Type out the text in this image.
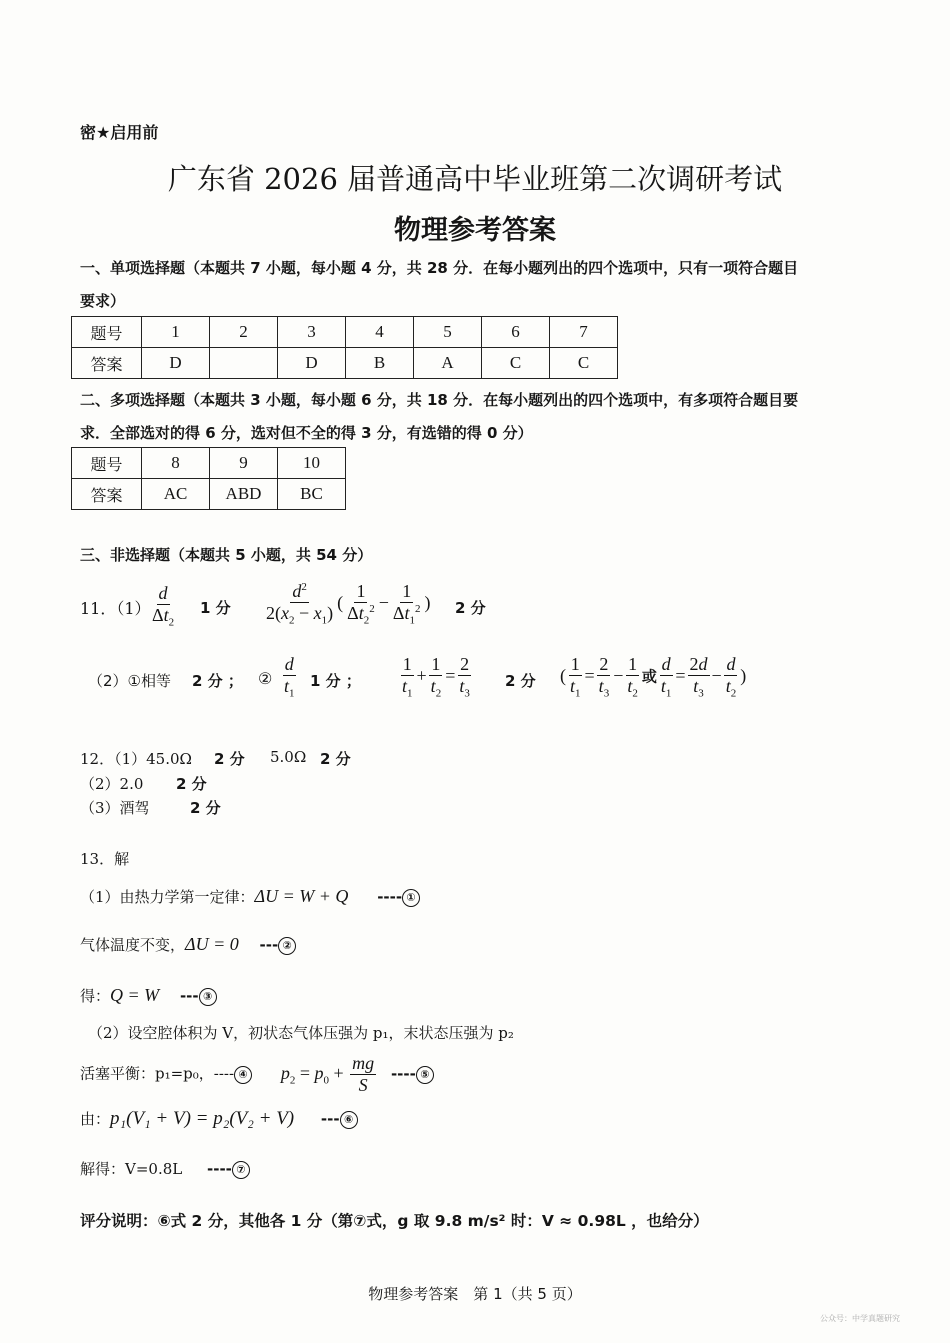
密★启用前
广东省 2026 届普通高中毕业班第二次调研考试
物理参考答案
一、单项选择题（本题共 7 小题，每小题 4 分，共 28 分．在每小题列出的四个选项中，只有一项符合题目
要求）
题号	1	2	3	4	5	6	7
答案	D		D	B	A	C	C
二、多项选择题（本题共 3 小题，每小题 6 分，共 18 分．在每小题列出的四个选项中，有多项符合题目要
求．全部选对的得 6 分，选对但不全的得 3 分，有选错的得 0 分）
题号	8	9	10
答案	AC	ABD	BC
三、非选择题（本题共 5 小题，共 54 分）
11．$(1) \frac{d}{\Delta t_2} 1$ 分 $\frac{d^2}{2(x_2 - x_1)}$ ( $\frac{1}{\Delta t_2^2} - \frac{1}{\Delta t_1^2}$ ) 2 分
（2）①相等 2 分 ； ② $\frac{d}{t_1} 1$ 分 ； $\frac{1}{t_1} + \frac{1}{t_2} = \frac{2}{t_3} 2$ 分 ( $\frac{1}{t_1} = \frac{2}{t_3} - \frac{1}{t_2}$ 或 $\frac{d}{t_1} = \frac{2d}{t_3} - \frac{d}{t_2}$ )
12．（1）45.0Ω 2 分 5.0Ω 2 分
（2）2.0 2 分
（3）酒驾	2 分
13．解
（1）由热力学第一定律：ΔU = W + Q ---- ①
气体温度不变，ΔU = 0 --- ②
得：Q = W --- ③
（2）设空腔体积为 V，初状态气体压强为 p₁，末状态压强为 p₂
活塞平衡：p₁=p₀，---- ④ $p_2 = p_0 + \frac{mg}{S}$ ---- ⑤
由：p₁(V₁ + V) = p₂(V₂ + V) --- ⑥
解得：V=0.8L ---- ⑦
评分说明：⑥式 2 分，其他各 1 分（第⑦式，g 取 9.8 m/s² 时：V ≈ 0.98L ，也给分）
物理参考答案　第 1（共 5 页）
公众号：中学真题研究
